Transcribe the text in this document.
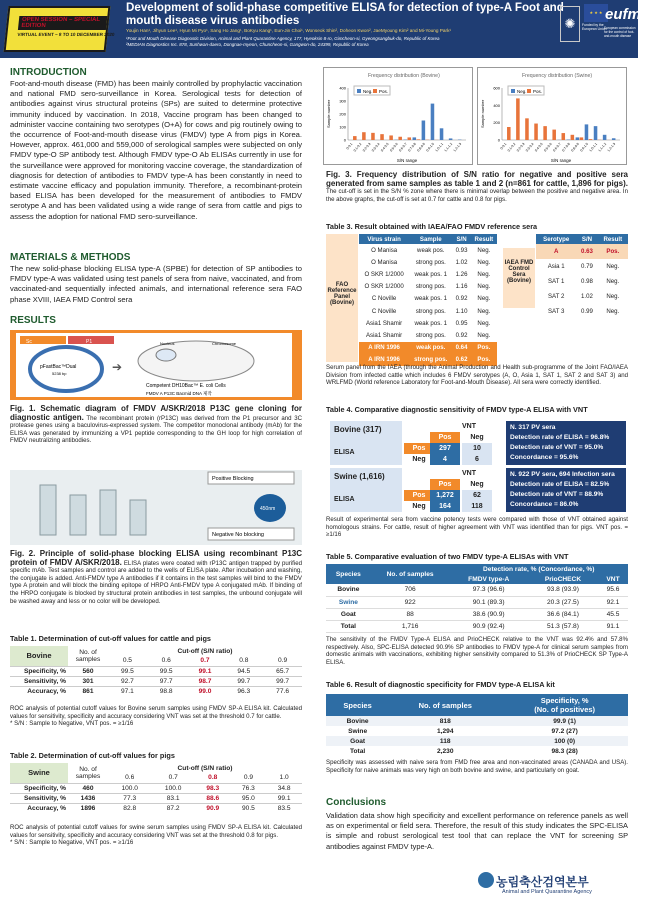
OPEN SESSION – SPECIAL EDITION
VIRTUAL EVENT – 8 TO 10 DECEMBER 2020
Development of solid-phase competitive ELISA for detection of type-A Foot and mouth disease virus antibodies
Youjin Han¹, Jihyun Lee¹, Hyun Mi Pyo¹, Sang Ho Jang¹, BoKyu Kang¹, Eun-Jin Choi¹, Wonseok Shin², Doheon Kwon², JaeMyoung Kim² and Mi-Young Park¹
¹Foot and Mouth Disease Diagnostic Division, Animal and Plant Quarantine Agency, 177, Hyeoksin 8-ro, Gimcheon-si, Gyeongsangbuk-do, Republic of Korea
²MEDIAN Diagnostics Inc. 878, Sunhwan-daero, Dongnae-myeon, Chuncheon-si, Gangwon-do, 24399, Republic of Korea
✺
★ ★ ★
Funded by the European Union
eufmd
European commission for the control of foot-and-mouth disease
INTRODUCTION
Foot-and-mouth disease (FMD) has been mainly controlled by prophylactic vaccination and national FMD sero-surveillance in Korea. Serological tests for detection of antibodies against virus structural proteins (SPs) are suited to determine protective immunity induced by vaccination. In 2018, Vaccine program has been changed to administer vaccine containing two serotypes (O+A) for cows and pig routinely owing to the occurrence of Foot-and-mouth disease virus (FMDV) type A from pigs in Korea. However, approx. 461,000 and 559,000 of serological samples were subjected on only FMDV type-O SP antibody test. Although FMDV type-O Ab ELISAs currently in use for the surveillance were approved for monitoring vaccine coverage, the standardization of diagnosis for detection of antibodies to FMDV type-A has been constantly in need to estimate vaccine efficacy and population immunity. Therefore, a recombinant-protein based ELISA has been developed for the measurement of antibodies to FMDV serotype A and has been validated using a wide range of sera from cattle and pigs to assess the adoption for national FMD sero-surveillance.
MATERIALS & METHODS
The new solid-phase blocking ELISA type-A (SPBE) for detection of SP antibodies to FMDV type-A was validated using test panels of sera from naive, vaccinated, and from vaccinated-and sequentially infected animals, and international reference sera FAO phase XVIII, IAEA FMD Control sera
RESULTS
Sc	P1
pFastBac™Dual
5238 bp	➔
Nucleus	Chromosome
Competent DH10Bac™ E. coli Cells
FMDV A P13C Bacmid DNA 제작
Fig. 1. Schematic diagram of FMDV A/SKR/2018 P13C gene cloning for diagnostic antigen. The recombinant protein (rP13C) was derived from the P1 precursor and 3C protease genes using a baculovirus-expressed system. The competitor monoclonal antibody (mAb) for the ELISA was generated by immunizing a VP1 peptide corresponding to the GH loop for high correlation of FMDV neutralizing antibodies.
Positive Blocking
450nm
Negative No blocking
Fig. 2. Principle of solid-phase blocking ELISA using recombinant P13C protein of FMDV A/SKR/2018. ELISA plates were coated with rP13C antigen trapped by purified specific mAb. Test samples and control are added to the wells of ELISA plate. After incubation and washing, the conjugate is added. Anti-FMDV type A antibodies if it contains in the test samples will bind to the FMDV type A protein and will block the binding epitope of HRPO Anti-FMDV type A conjugated mAb. If binding of the HRPO conjugate is blocked by structural protein antibodies in test samples, the unbound conjugate will be washed away and less or no color will be developed.
Table 1. Determination of cut-off values for cattle and pigs
Bovine	No. of samples	Cut-off (S/N ratio)				
		0.5	0.6	0.7	0.8	0.9
Specificity, %	560	99.5	99.5	99.1	94.5	65.7
Sensitivity, %	301	92.7	97.7	98.7	99.7	99.7
Accuracy, %	861	97.1	98.8	99.0	96.3	77.6
ROC analysis of potential cutoff values for Bovine serum samples using FMDV SP-A ELISA kit. Calculated values for sensitivity, specificity and accuracy considering VNT was set at the threshold 0.7 for cattle.
* S/N : Sample to Negative, VNT pos. = ≥1/16
Table 2. Determination of cut-off values for pigs
Swine	No. of samples	Cut-off (S/N ratio)				
		0.6	0.7	0.8	0.9	1.0
Specificity, %	460	100.0	100.0	98.3	76.3	34.8
Sensitivity, %	1436	77.3	83.1	88.6	95.0	99.1
Accuracy, %	1896	82.8	87.2	90.9	90.5	83.5
ROC analysis of potential cutoff values for swine serum samples using FMDV SP-A ELISA kit. Calculated values for sensitivity, specificity and accuracy considering VNT was set at the threshold 0.8 for pigs.
* S/N : Sample to Negative, VNT pos. = ≥1/16
Frequency distribution (Bovine)
Neg. Pos.
0
100
200
300
400
Sample number
0-0.1 0.1-0.2 0.2-0.3 0.3-0.4 0.4-0.5 0.5-0.6 0.6-0.7 0.7-0.8 0.8-0.9 0.9-1.0 1.0-1.1 1.1-1.2 1.2-1.3
S/N range
Frequency distribution (Swine)
Neg. Pos.
0
200
400
600
Sample number
0-0.1 0.1-0.2 0.2-0.3 0.3-0.4 0.4-0.5 0.5-0.6 0.6-0.7 0.7-0.8 0.8-0.9 0.9-1.0 1.0-1.1 1.1-1.2 1.2-1.3
S/N range
Fig. 3. Frequency distribution of S/N ratio for negative and positive sera generated from same samples as table 1 and 2 (n=861 for cattle, 1,896 for pigs). The cut-off is set in the S/N % zone where there is minimal overlap between the positive and negative area. In the above graphs, the cut-off is set at 0.7 for cattle and 0.8 for pigs.
Table 3. Result obtained with IAEA/FAO FMDV reference sera
FAO Reference Panel (Bovine)
Virus strain	Sample	S/N	Result
O Manisa	weak pos.	0.93	Neg.
O Manisa	strong pos.	1.02	Neg.
O SKR 1/2000	weak pos. 1	1.26	Neg.
O SKR 1/2000	strong pos.	1.16	Neg.
C Noville	weak pos. 1	0.92	Neg.
C Noville	strong pos.	1.10	Neg.
Asia1 Shamir	weak pos. 1	0.95	Neg.
Asia1 Shamir	strong pos.	0.92	Neg.
A IRN 1996	weak pos.	0.64	Pos.
A IRN 1996	strong pos.	0.62	Pos.
IAEA FMD Control Sera (Bovine)
Serotype	S/N	Result
A	0.63	Pos.
Asia 1	0.79	Neg.
SAT 1	0.98	Neg.
SAT 2	1.02	Neg.
SAT 3	0.99	Neg.
Serum panel from the IAEA (through the Animal Production and Health sub-programme of the Joint FAO/IAEA Division from infected cattle which includes 6 FMDV serotypes (A, O, Asia 1, SAT 1, SAT 2 and SAT 3) and WRLFMD (World reference Laboratory for Foot-and-Mouth Disease). All sera were correctly identified.
Table 4. Comparative diagnostic sensitivity of FMDV type-A ELISA with VNT
Bovine (317)
ELISA
VNT
Pos	Neg
Pos	297	10
Neg	4	6
N. 317 PV sera
Detection rate of ELISA = 96.8%
Detection rate of VNT = 95.0%
Concordance = 95.6%
Swine (1,616)
ELISA
VNT
Pos	Neg
Pos	1,272	62
Neg	164	118
N. 922 PV sera, 694 Infection sera
Detection rate of ELISA = 82.5%
Detection rate of VNT = 88.9%
Concordance = 86.0%
Result of experimental sera from vaccine potency tests were compared with those of VNT obtained against homologous strains. For cattle, result of higher agreement with VNT was identified than for pigs. VNT pos. = ≥1/16
Table 5. Comparative evaluation of two FMDV type-A ELISAs with VNT
Species	No. of samples	Detection rate, % (Concordance, %)		
		FMDV type-A	PrioCHECK	VNT
Bovine	706	97.3 (96.6)	93.8 (93.9)	95.6
Swine	922	90.1 (89.3)	20.3 (27.5)	92.1
Goat	88	38.6 (90.9)	36.6 (84.1)	45.5
Total	1,716	90.9 (92.4)	51.3 (57.8)	91.1
The sensitivity of the FMDV Type-A ELISA and PrioCHECK relative to the VNT was 92.4% and 57.8% respectively. Also, SPC-ELISA detected 90.9% SP antibodies to FMDV type-A for clinical serum samples from domestic animals with vaccinations, exhibiting higher sensitivity compared to 51.3% of PrioCHECK SP Type-A ELISA.
Table 6. Result of diagnostic specificity for FMDV type-A ELISA kit
Species	No. of samples	Specificity, %
(No. of positives)

Bovine	818	99.9 (1)
Swine	1,294	97.2 (27)
Goat	118	100 (0)
Total	2,230	98.3 (28)
Specificity was assessed with naive sera from FMD free area and non-vaccinated areas (CANADA and USA). Specificity for naive animals was very high on both bovine and swine, and particularly on goat.
Conclusions
Validation data show high specificity and excellent performance on reference panels as well as on experimental or field sera. Therefore, the result of this study indicates the SPC-ELISA is simple and robust serological test tool that can replace the VNT for screening SP antibodies against FMDV type-A.
농림축산검역본부
Animal and Plant Quarantine Agency
